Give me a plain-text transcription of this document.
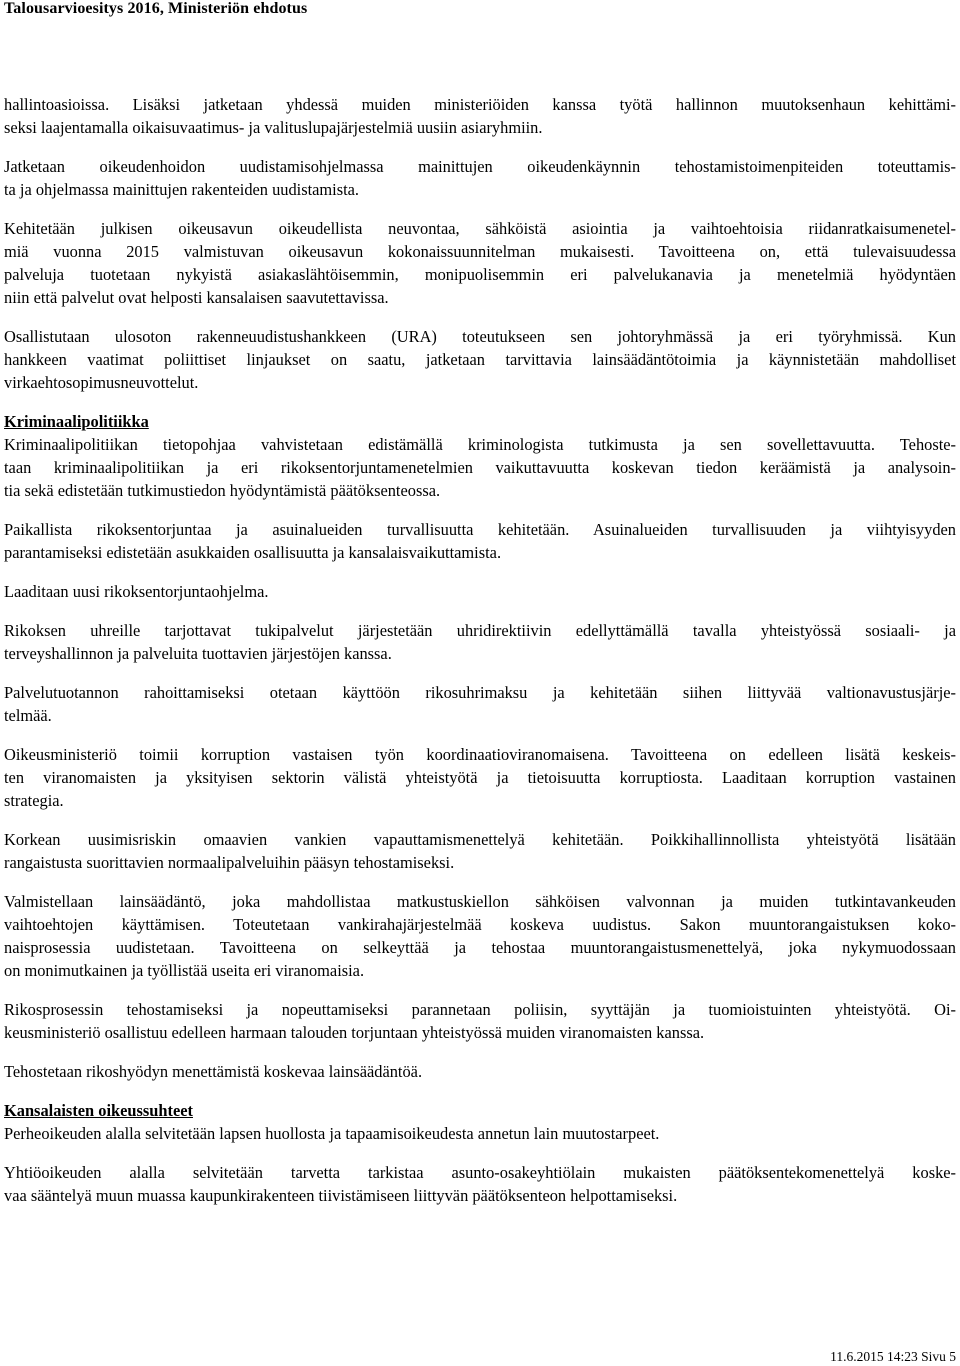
Talousarvioesitys 2016, Ministeriön ehdotus
hallintoasioissa. Lisäksi jatketaan yhdessä muiden ministeriöiden kanssa työtä hallinnon muutoksenhaun kehittämi-
seksi laajentamalla oikaisuvaatimus- ja valituslupajärjestelmiä uusiin asiaryhmiin.
Jatketaan oikeudenhoidon uudistamisohjelmassa mainittujen oikeudenkäynnin tehostamistoimenpiteiden toteuttamis-
ta ja ohjelmassa mainittujen rakenteiden uudistamista.
Kehitetään julkisen oikeusavun oikeudellista neuvontaa, sähköistä asiointia ja vaihtoehtoisia riidanratkaisumenetel-
miä vuonna 2015 valmistuvan oikeusavun kokonaissuunnitelman mukaisesti. Tavoitteena on, että tulevaisuudessa
palveluja tuotetaan nykyistä asiakaslähtöisemmin, monipuolisemmin eri palvelukanavia ja menetelmiä hyödyntäen
niin että palvelut ovat helposti kansalaisen saavutettavissa.
Osallistutaan ulosoton rakenneuudistushankkeen (URA) toteutukseen sen johtoryhmässä ja eri työryhmissä. Kun
hankkeen vaatimat poliittiset linjaukset on saatu, jatketaan tarvittavia lainsäädäntötoimia ja käynnistetään mahdolliset
virkaehtosopimusneuvottelut.
Kriminaalipolitiikka
Kriminaalipolitiikan tietopohjaa vahvistetaan edistämällä kriminologista tutkimusta ja sen sovellettavuutta. Tehoste-
taan kriminaalipolitiikan ja eri rikoksentorjuntamenetelmien vaikuttavuutta koskevan tiedon keräämistä ja analysoin-
tia sekä edistetään tutkimustiedon hyödyntämistä päätöksenteossa.
Paikallista rikoksentorjuntaa ja asuinalueiden turvallisuutta kehitetään. Asuinalueiden turvallisuuden ja viihtyisyyden
parantamiseksi edistetään asukkaiden osallisuutta ja kansalaisvaikuttamista.
Laaditaan uusi rikoksentorjuntaohjelma.
Rikoksen uhreille tarjottavat tukipalvelut järjestetään uhridirektiivin edellyttämällä tavalla yhteistyössä sosiaali- ja
terveyshallinnon ja palveluita tuottavien järjestöjen kanssa.
Palvelutuotannon rahoittamiseksi otetaan käyttöön rikosuhrimaksu ja kehitetään siihen liittyvää valtionavustusjärje-
telmää.
Oikeusministeriö toimii korruption vastaisen työn koordinaatioviranomaisena. Tavoitteena on edelleen lisätä keskeis-
ten viranomaisten ja yksityisen sektorin välistä yhteistyötä ja tietoisuutta korruptiosta. Laaditaan korruption vastainen
strategia.
Korkean uusimisriskin omaavien vankien vapauttamismenettelyä kehitetään. Poikkihallinnollista yhteistyötä lisätään
rangaistusta suorittavien normaalipalveluihin pääsyn tehostamiseksi.
Valmistellaan lainsäädäntö, joka mahdollistaa matkustuskiellon sähköisen valvonnan ja muiden tutkintavankeuden
vaihtoehtojen käyttämisen. Toteutetaan vankirahajärjestelmää koskeva uudistus. Sakon muuntorangaistuksen koko-
naisprosessia uudistetaan. Tavoitteena on selkeyttää ja tehostaa muuntorangaistusmenettelyä, joka nykymuodossaan
on monimutkainen ja työllistää useita eri viranomaisia.
Rikosprosessin tehostamiseksi ja nopeuttamiseksi parannetaan poliisin, syyttäjän ja tuomioistuinten yhteistyötä. Oi-
keusministeriö osallistuu edelleen harmaan talouden torjuntaan yhteistyössä muiden viranomaisten kanssa.
Tehostetaan rikoshyödyn menettämistä koskevaa lainsäädäntöä.
Kansalaisten oikeussuhteet
Perheoikeuden alalla selvitetään lapsen huollosta ja tapaamisoikeudesta annetun lain muutostarpeet.
Yhtiöoikeuden alalla selvitetään tarvetta tarkistaa asunto-osakeyhtiölain mukaisten päätöksentekomenettelyä koske-
vaa sääntelyä muun muassa kaupunkirakenteen tiivistämiseen liittyvän päätöksenteon helpottamiseksi.
11.6.2015 14:23 Sivu 5
